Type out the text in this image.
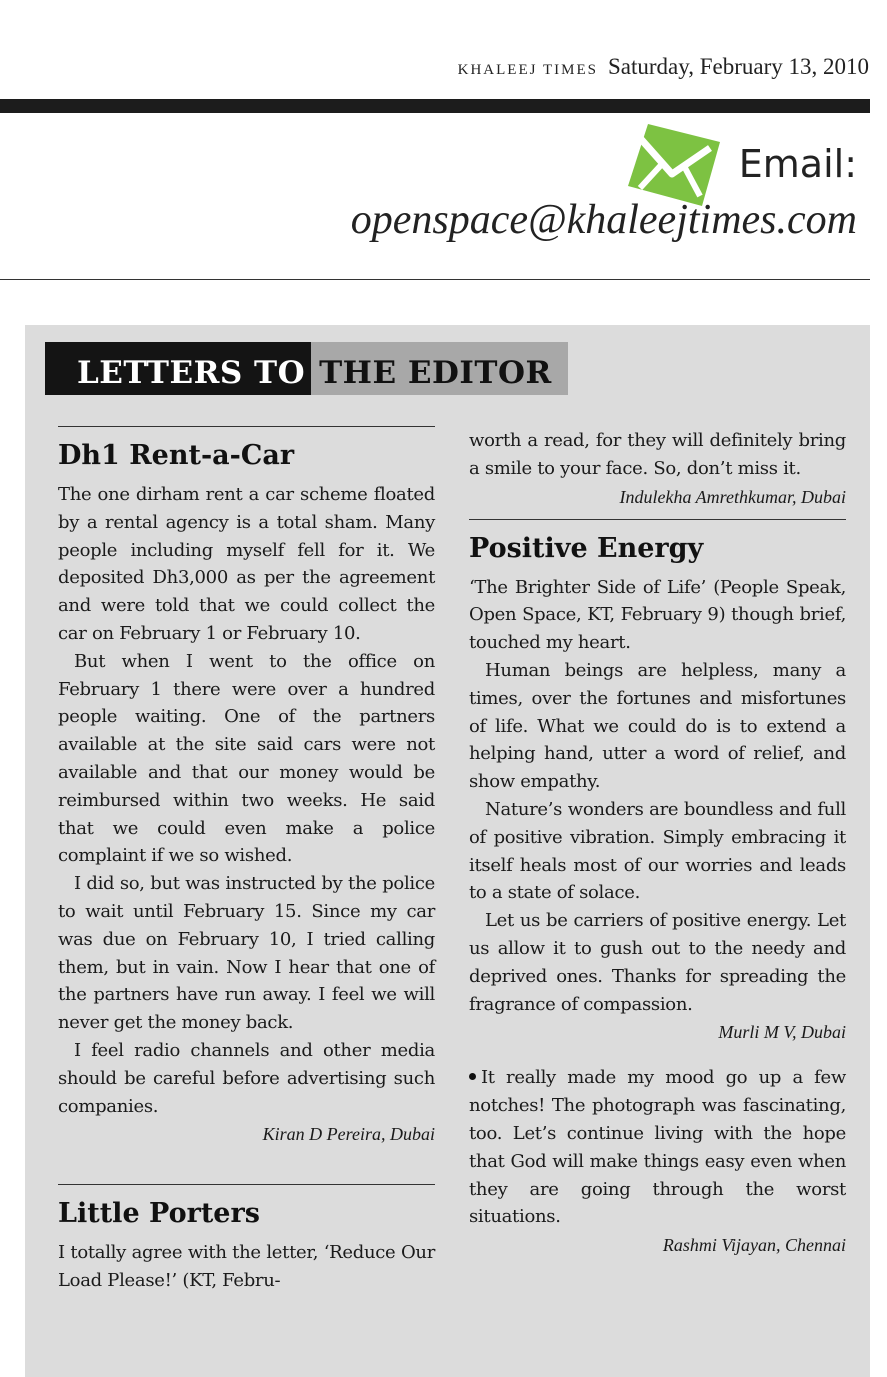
KHALEEJ TIMES Saturday, February 13, 2010
Email:
openspace@khaleejtimes.com
LETTERS TO THE EDITOR
Dh1 Rent-a-Car

The one dirham rent a car scheme floated by a rental agency is a total sham. Many people including myself fell for it. We deposited Dh3,000 as per the agreement and were told that we could collect the car on February 1 or February 10.

But when I went to the office on February 1 there were over a hundred people waiting. One of the partners available at the site said cars were not available and that our money would be reimbursed within two weeks. He said that we could even make a police complaint if we so wished.

I did so, but was instructed by the police to wait until February 15. Since my car was due on February 10, I tried calling them, but in vain. Now I hear that one of the partners have run away. I feel we will never get the money back.

I feel radio channels and other media should be careful before advertising such companies.

Kiran D Pereira, Dubai
Little Porters

I totally agree with the letter, ‘Reduce Our Load Please!’ (KT, Febru-

worth a read, for they will definitely bring a smile to your face. So, don’t miss it.

Indulekha Amrethkumar, Dubai
Positive Energy

‘The Brighter Side of Life’ (People Speak, Open Space, KT, February 9) though brief, touched my heart.

Human beings are helpless, many a times, over the fortunes and misfortunes of life. What we could do is to extend a helping hand, utter a word of relief, and show empathy.

Nature’s wonders are boundless and full of positive vibration. Simply embracing it itself heals most of our worries and leads to a state of solace.

Let us be carriers of positive energy. Let us allow it to gush out to the needy and deprived ones. Thanks for spreading the fragrance of compassion.

Murli M V, Dubai

It really made my mood go up a few notches! The photograph was fascinating, too. Let’s continue living with the hope that God will make things easy even when they are going through the worst situations.

Rashmi Vijayan, Chennai
